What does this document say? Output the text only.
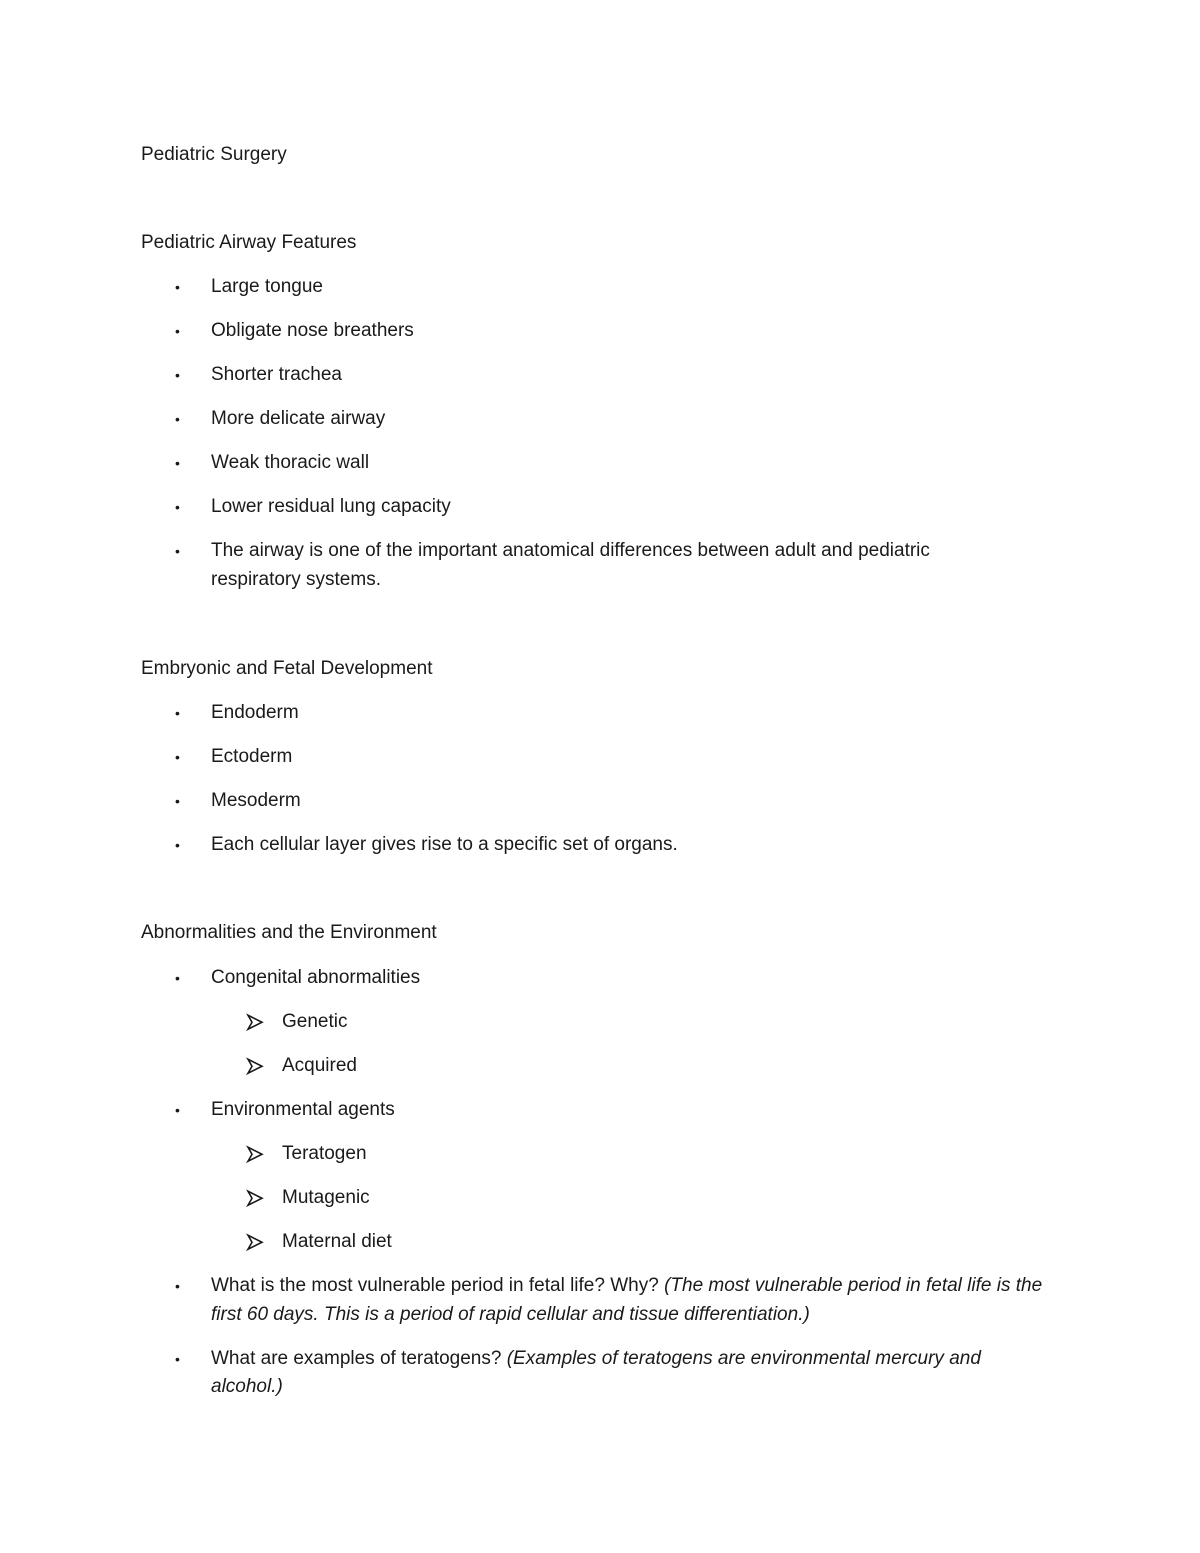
Pediatric Surgery
Pediatric Airway Features
• Large tongue
• Obligate nose breathers
• Shorter trachea
• More delicate airway
• Weak thoracic wall
• Lower residual lung capacity
• The airway is one of the important anatomical differences between adult and pediatric respiratory systems.
Embryonic and Fetal Development
• Endoderm
• Ectoderm
• Mesoderm
• Each cellular layer gives rise to a specific set of organs.
Abnormalities and the Environment
• Congenital abnormalities
Genetic
Acquired
• Environmental agents
Teratogen
Mutagenic
Maternal diet
• What is the most vulnerable period in fetal life? Why? (The most vulnerable period in fetal life is the first 60 days. This is a period of rapid cellular and tissue differentiation.)
• What are examples of teratogens? (Examples of teratogens are environmental mercury and alcohol.)
